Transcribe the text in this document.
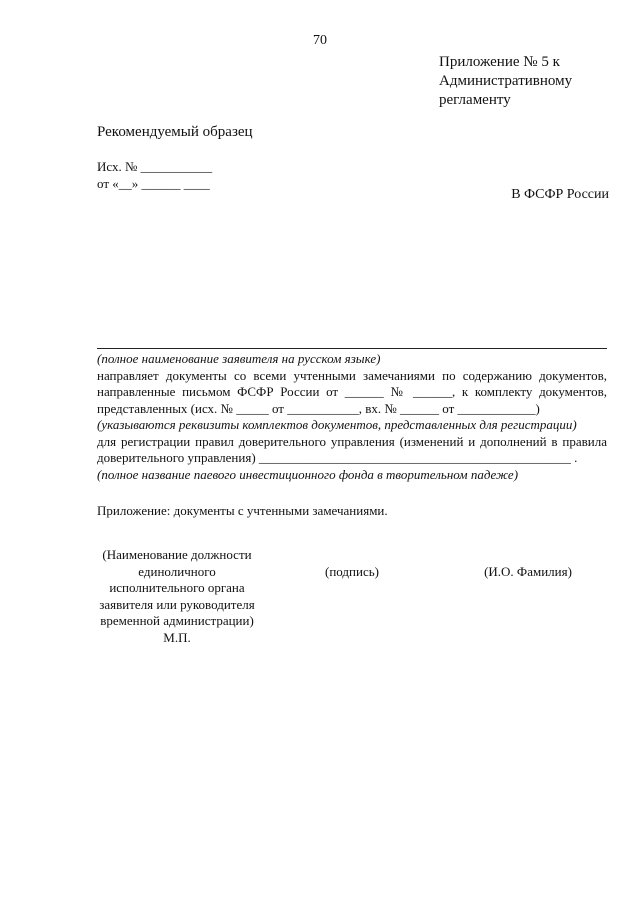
70
Приложение № 5 к
Административному
регламенту
Рекомендуемый образец
Исх. № ___________
от «__» ______ ____
В ФСФР России
(полное наименование заявителя на русском языке)
направляет документы со всеми учтенными замечаниями по содержанию документов,
направленные письмом ФСФР России от ______ № ______, к комплекту документов,
представленных (исх. № _____ от ___________, вх. № ______ от ____________)
(указываются реквизиты комплектов документов, представленных для регистрации)
для регистрации правил доверительного управления (изменений и дополнений в правила
доверительного управления) ________________________________________________ .
(полное название паевого инвестиционного фонда в творительном падеже)
Приложение: документы с учтенными замечаниями.
(Наименование должности
единоличного
исполнительного органа
заявителя или руководителя
временной администрации)
М.П.
(подпись)	(И.О. Фамилия)
